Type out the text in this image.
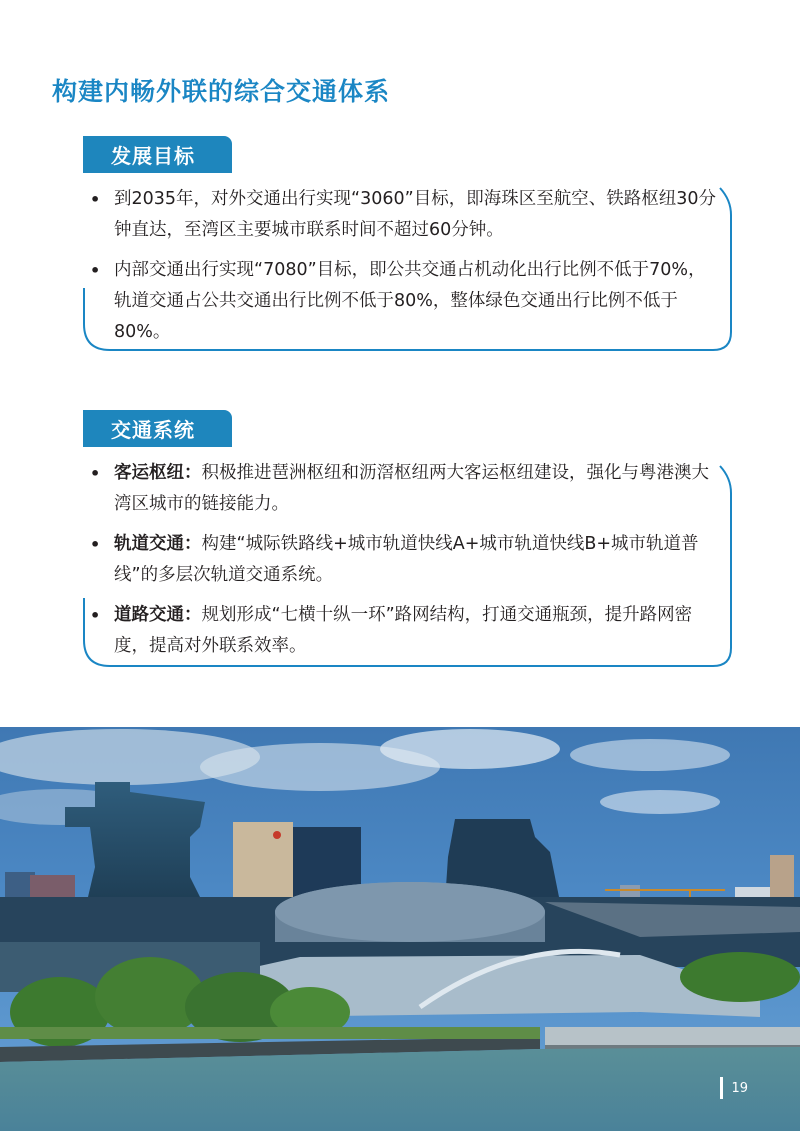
构建内畅外联的综合交通体系
发展目标
• 到2035年，对外交通出行实现“3060”目标，即海珠区至航空、铁路枢纽30分钟直达，至湾区主要城市联系时间不超过60分钟。
• 内部交通出行实现“7080”目标，即公共交通占机动化出行比例不低于70%，轨道交通占公共交通出行比例不低于80%，整体绿色交通出行比例不低于80%。
交通系统
• 客运枢纽：积极推进琶洲枢纽和沥滘枢纽两大客运枢纽建设，强化与粤港澳大湾区城市的链接能力。
• 轨道交通：构建“城际铁路线+城市轨道快线A+城市轨道快线B+城市轨道普线”的多层次轨道交通系统。
• 道路交通：规划形成“七横十纵一环”路网结构，打通交通瓶颈，提升路网密度，提高对外联系效率。
19
